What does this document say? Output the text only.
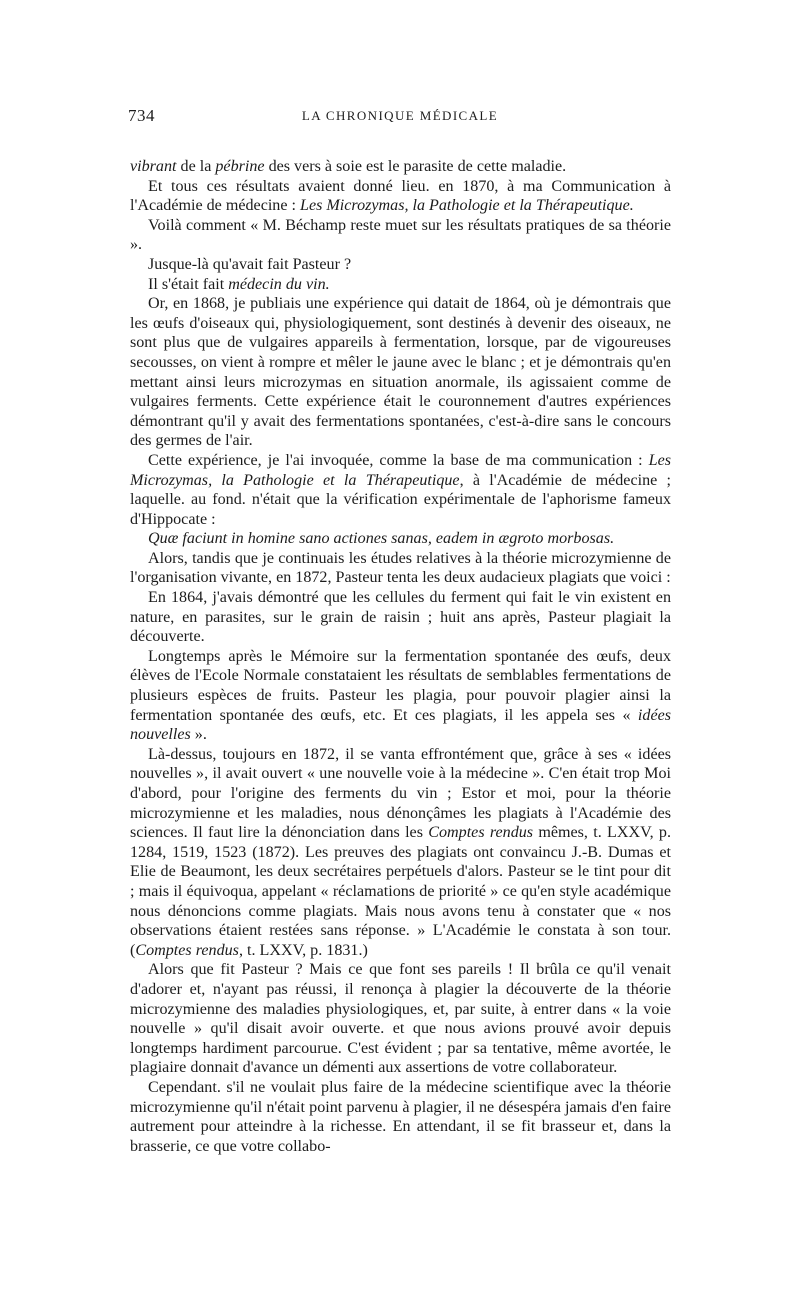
734	LA CHRONIQUE MÉDICALE

vibrant de la pébrine des vers à soie est le parasite de cette maladie.

Et tous ces résultats avaient donné lieu. en 1870, à ma Communication à l'Académie de médecine : Les Microzymas, la Pathologie et la Thérapeutique.

Voilà comment « M. Béchamp reste muet sur les résultats pratiques de sa théorie ».

Jusque-là qu'avait fait Pasteur ?

Il s'était fait médecin du vin.

Or, en 1868, je publiais une expérience qui datait de 1864, où je démontrais que les œufs d'oiseaux qui, physiologiquement, sont destinés à devenir des oiseaux, ne sont plus que de vulgaires appareils à fermentation, lorsque, par de vigoureuses secousses, on vient à rompre et mêler le jaune avec le blanc ; et je démontrais qu'en mettant ainsi leurs microzymas en situation anormale, ils agissaient comme de vulgaires ferments. Cette expérience était le couronnement d'autres expériences démontrant qu'il y avait des fermentations spontanées, c'est-à-dire sans le concours des germes de l'air.

Cette expérience, je l'ai invoquée, comme la base de ma communication : Les Microzymas, la Pathologie et la Thérapeutique, à l'Académie de médecine ; laquelle. au fond. n'était que la vérification expérimentale de l'aphorisme fameux d'Hippocate :

Quæ faciunt in homine sano actiones sanas, eadem in ægroto morbosas.

Alors, tandis que je continuais les études relatives à la théorie microzymienne de l'organisation vivante, en 1872, Pasteur tenta les deux audacieux plagiats que voici :

En 1864, j'avais démontré que les cellules du ferment qui fait le vin existent en nature, en parasites, sur le grain de raisin ; huit ans après, Pasteur plagiait la découverte.

Longtemps après le Mémoire sur la fermentation spontanée des œufs, deux élèves de l'Ecole Normale constataient les résultats de semblables fermentations de plusieurs espèces de fruits. Pasteur les plagia, pour pouvoir plagier ainsi la fermentation spontanée des œufs, etc. Et ces plagiats, il les appela ses « idées nouvelles ».

Là-dessus, toujours en 1872, il se vanta effrontément que, grâce à ses « idées nouvelles », il avait ouvert « une nouvelle voie à la médecine ». C'en était trop Moi d'abord, pour l'origine des ferments du vin ; Estor et moi, pour la théorie microzymienne et les maladies, nous dénonçâmes les plagiats à l'Académie des sciences. Il faut lire la dénonciation dans les Comptes rendus mêmes, t. LXXV, p. 1284, 1519, 1523 (1872). Les preuves des plagiats ont convaincu J.-B. Dumas et Elie de Beaumont, les deux secrétaires perpétuels d'alors. Pasteur se le tint pour dit ; mais il équivoqua, appelant « réclamations de priorité » ce qu'en style académique nous dénoncions comme plagiats. Mais nous avons tenu à constater que « nos observations étaient restées sans réponse. » L'Académie le constata à son tour. (Comptes rendus, t. LXXV, p. 1831.)

Alors que fit Pasteur ? Mais ce que font ses pareils ! Il brûla ce qu'il venait d'adorer et, n'ayant pas réussi, il renonça à plagier la découverte de la théorie microzymienne des maladies physiologiques, et, par suite, à entrer dans « la voie nouvelle » qu'il disait avoir ouverte. et que nous avions prouvé avoir depuis longtemps hardiment parcourue. C'est évident ; par sa tentative, même avortée, le plagiaire donnait d'avance un démenti aux assertions de votre collaborateur.

Cependant. s'il ne voulait plus faire de la médecine scientifique avec la théorie microzymienne qu'il n'était point parvenu à plagier, il ne désespéra jamais d'en faire autrement pour atteindre à la richesse. En attendant, il se fit brasseur et, dans la brasserie, ce que votre collabo-
